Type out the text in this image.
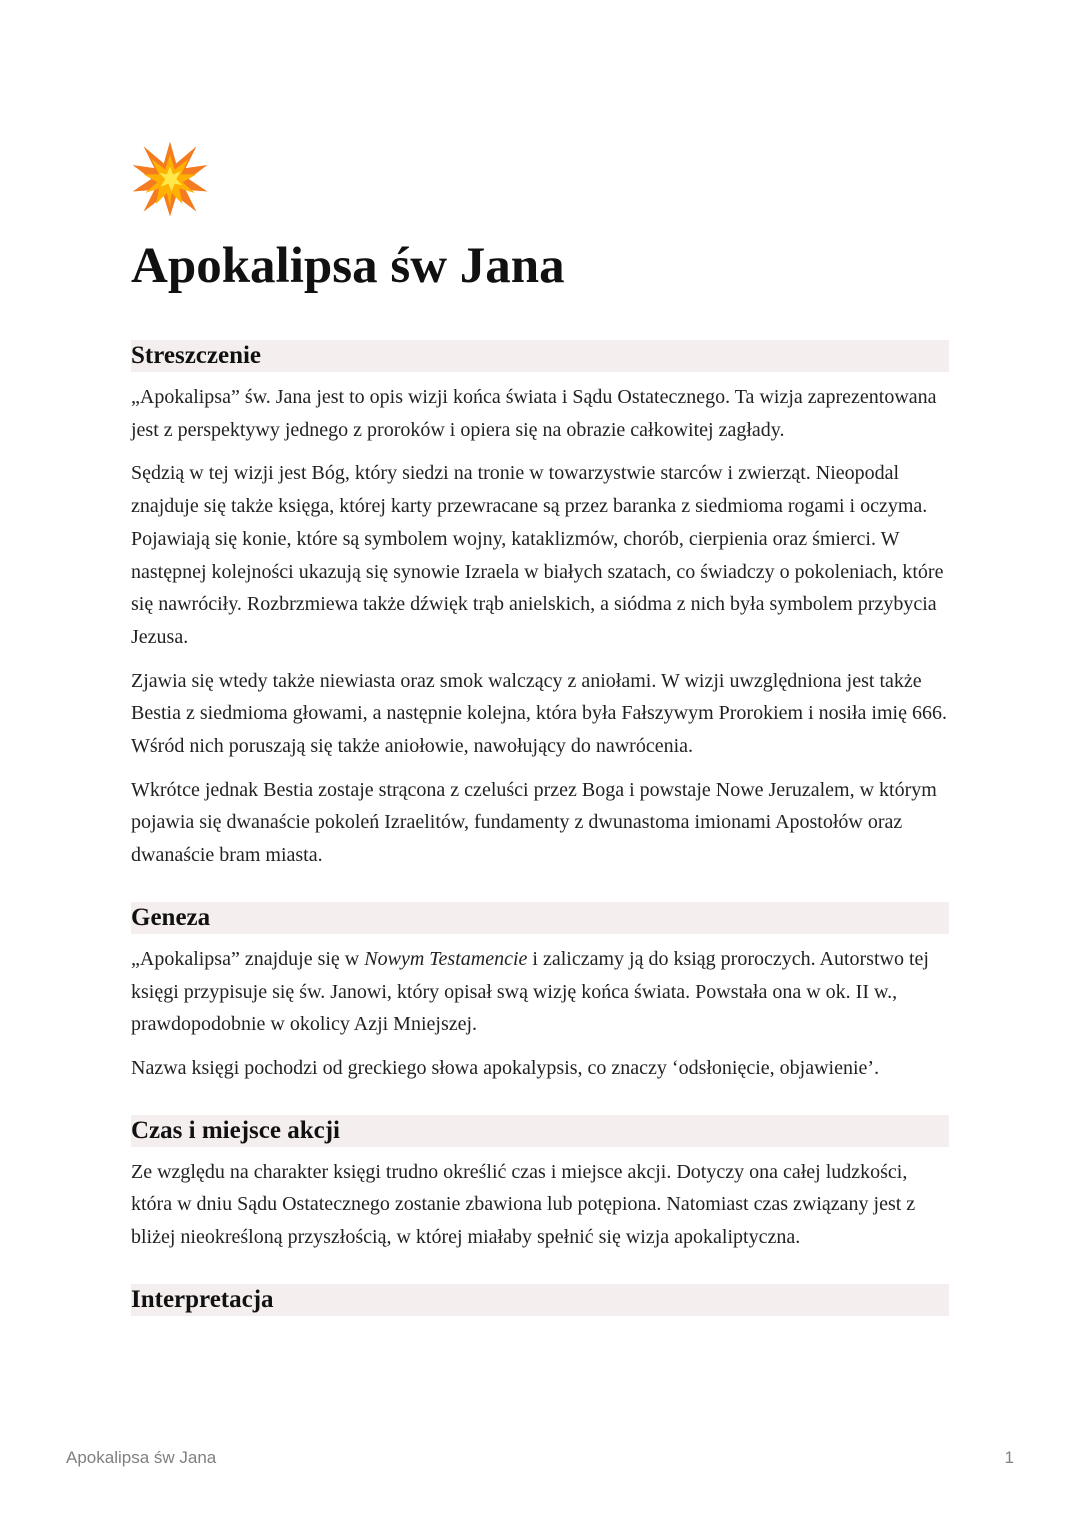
Apokalipsa św Jana
Streszczenie

„Apokalipsa” św. Jana jest to opis wizji końca świata i Sądu Ostatecznego. Ta wizja zaprezentowana jest z perspektywy jednego z proroków i opiera się na obrazie całkowitej zagłady.

Sędzią w tej wizji jest Bóg, który siedzi na tronie w towarzystwie starców i zwierząt. Nieopodal znajduje się także księga, której karty przewracane są przez baranka z siedmioma rogami i oczyma. Pojawiają się konie, które są symbolem wojny, kataklizmów, chorób, cierpienia oraz śmierci. W następnej kolejności ukazują się synowie Izraela w białych szatach, co świadczy o pokoleniach, które się nawróciły. Rozbrzmiewa także dźwięk trąb anielskich, a siódma z nich była symbolem przybycia Jezusa.

Zjawia się wtedy także niewiasta oraz smok walczący z aniołami. W wizji uwzględniona jest także Bestia z siedmioma głowami, a następnie kolejna, która była Fałszywym Prorokiem i nosiła imię 666. Wśród nich poruszają się także aniołowie, nawołujący do nawrócenia.

Wkrótce jednak Bestia zostaje strącona z czeluści przez Boga i powstaje Nowe Jeruzalem, w którym pojawia się dwanaście pokoleń Izraelitów, fundamenty z dwunastoma imionami Apostołów oraz dwanaście bram miasta.

Geneza

„Apokalipsa” znajduje się w Nowym Testamencie i zaliczamy ją do ksiąg proroczych. Autorstwo tej księgi przypisuje się św. Janowi, który opisał swą wizję końca świata. Powstała ona w ok. II w., prawdopodobnie w okolicy Azji Mniejszej.

Nazwa księgi pochodzi od greckiego słowa apokalypsis, co znaczy ‘odsłonięcie, objawienie’.

Czas i miejsce akcji

Ze względu na charakter księgi trudno określić czas i miejsce akcji. Dotyczy ona całej ludzkości, która w dniu Sądu Ostatecznego zostanie zbawiona lub potępiona. Natomiast czas związany jest z bliżej nieokreśloną przyszłością, w której miałaby spełnić się wizja apokaliptyczna.

Interpretacja
Apokalipsa św Jana	1
